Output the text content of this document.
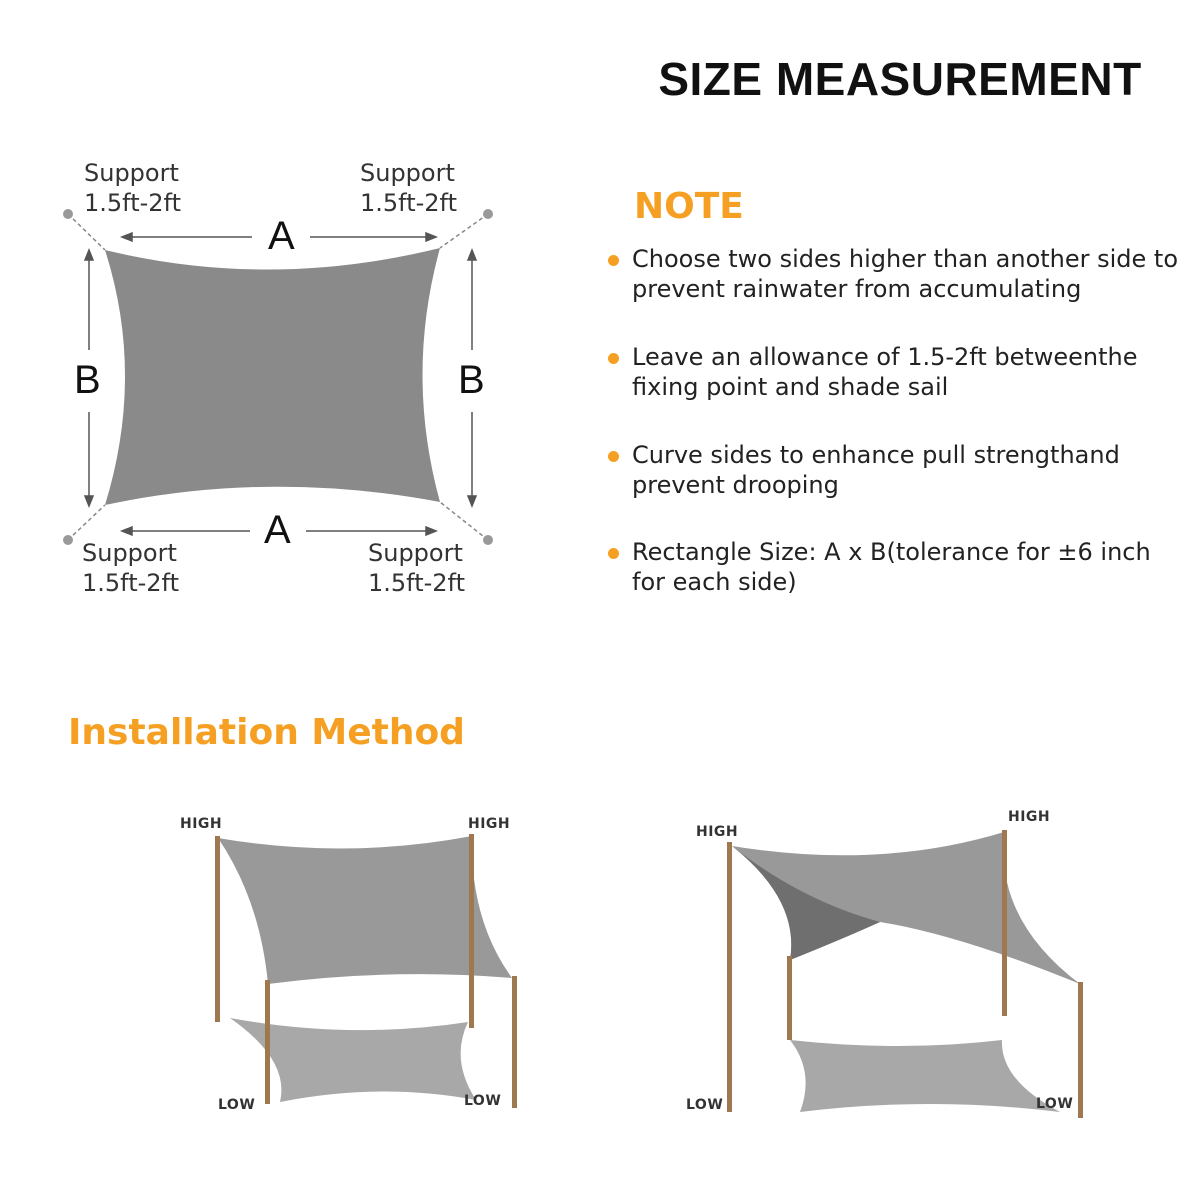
SIZE MEASUREMENT
Support
1.5ft-2ft
Support
1.5ft-2ft
Support
1.5ft-2ft
Support
1.5ft-2ft
A
A
B	B
NOTE
Choose two sides higher than another side to prevent rainwater from accumulating
Leave an allowance of 1.5-2ft betweenthe fixing point and shade sail
Curve sides to enhance pull strengthand prevent drooping
Rectangle Size: A x B(tolerance for ±6 inch for each side)
Installation Method
HIGH	HIGH
LOW	LOW
HIGH
HIGH
LOW	LOW
